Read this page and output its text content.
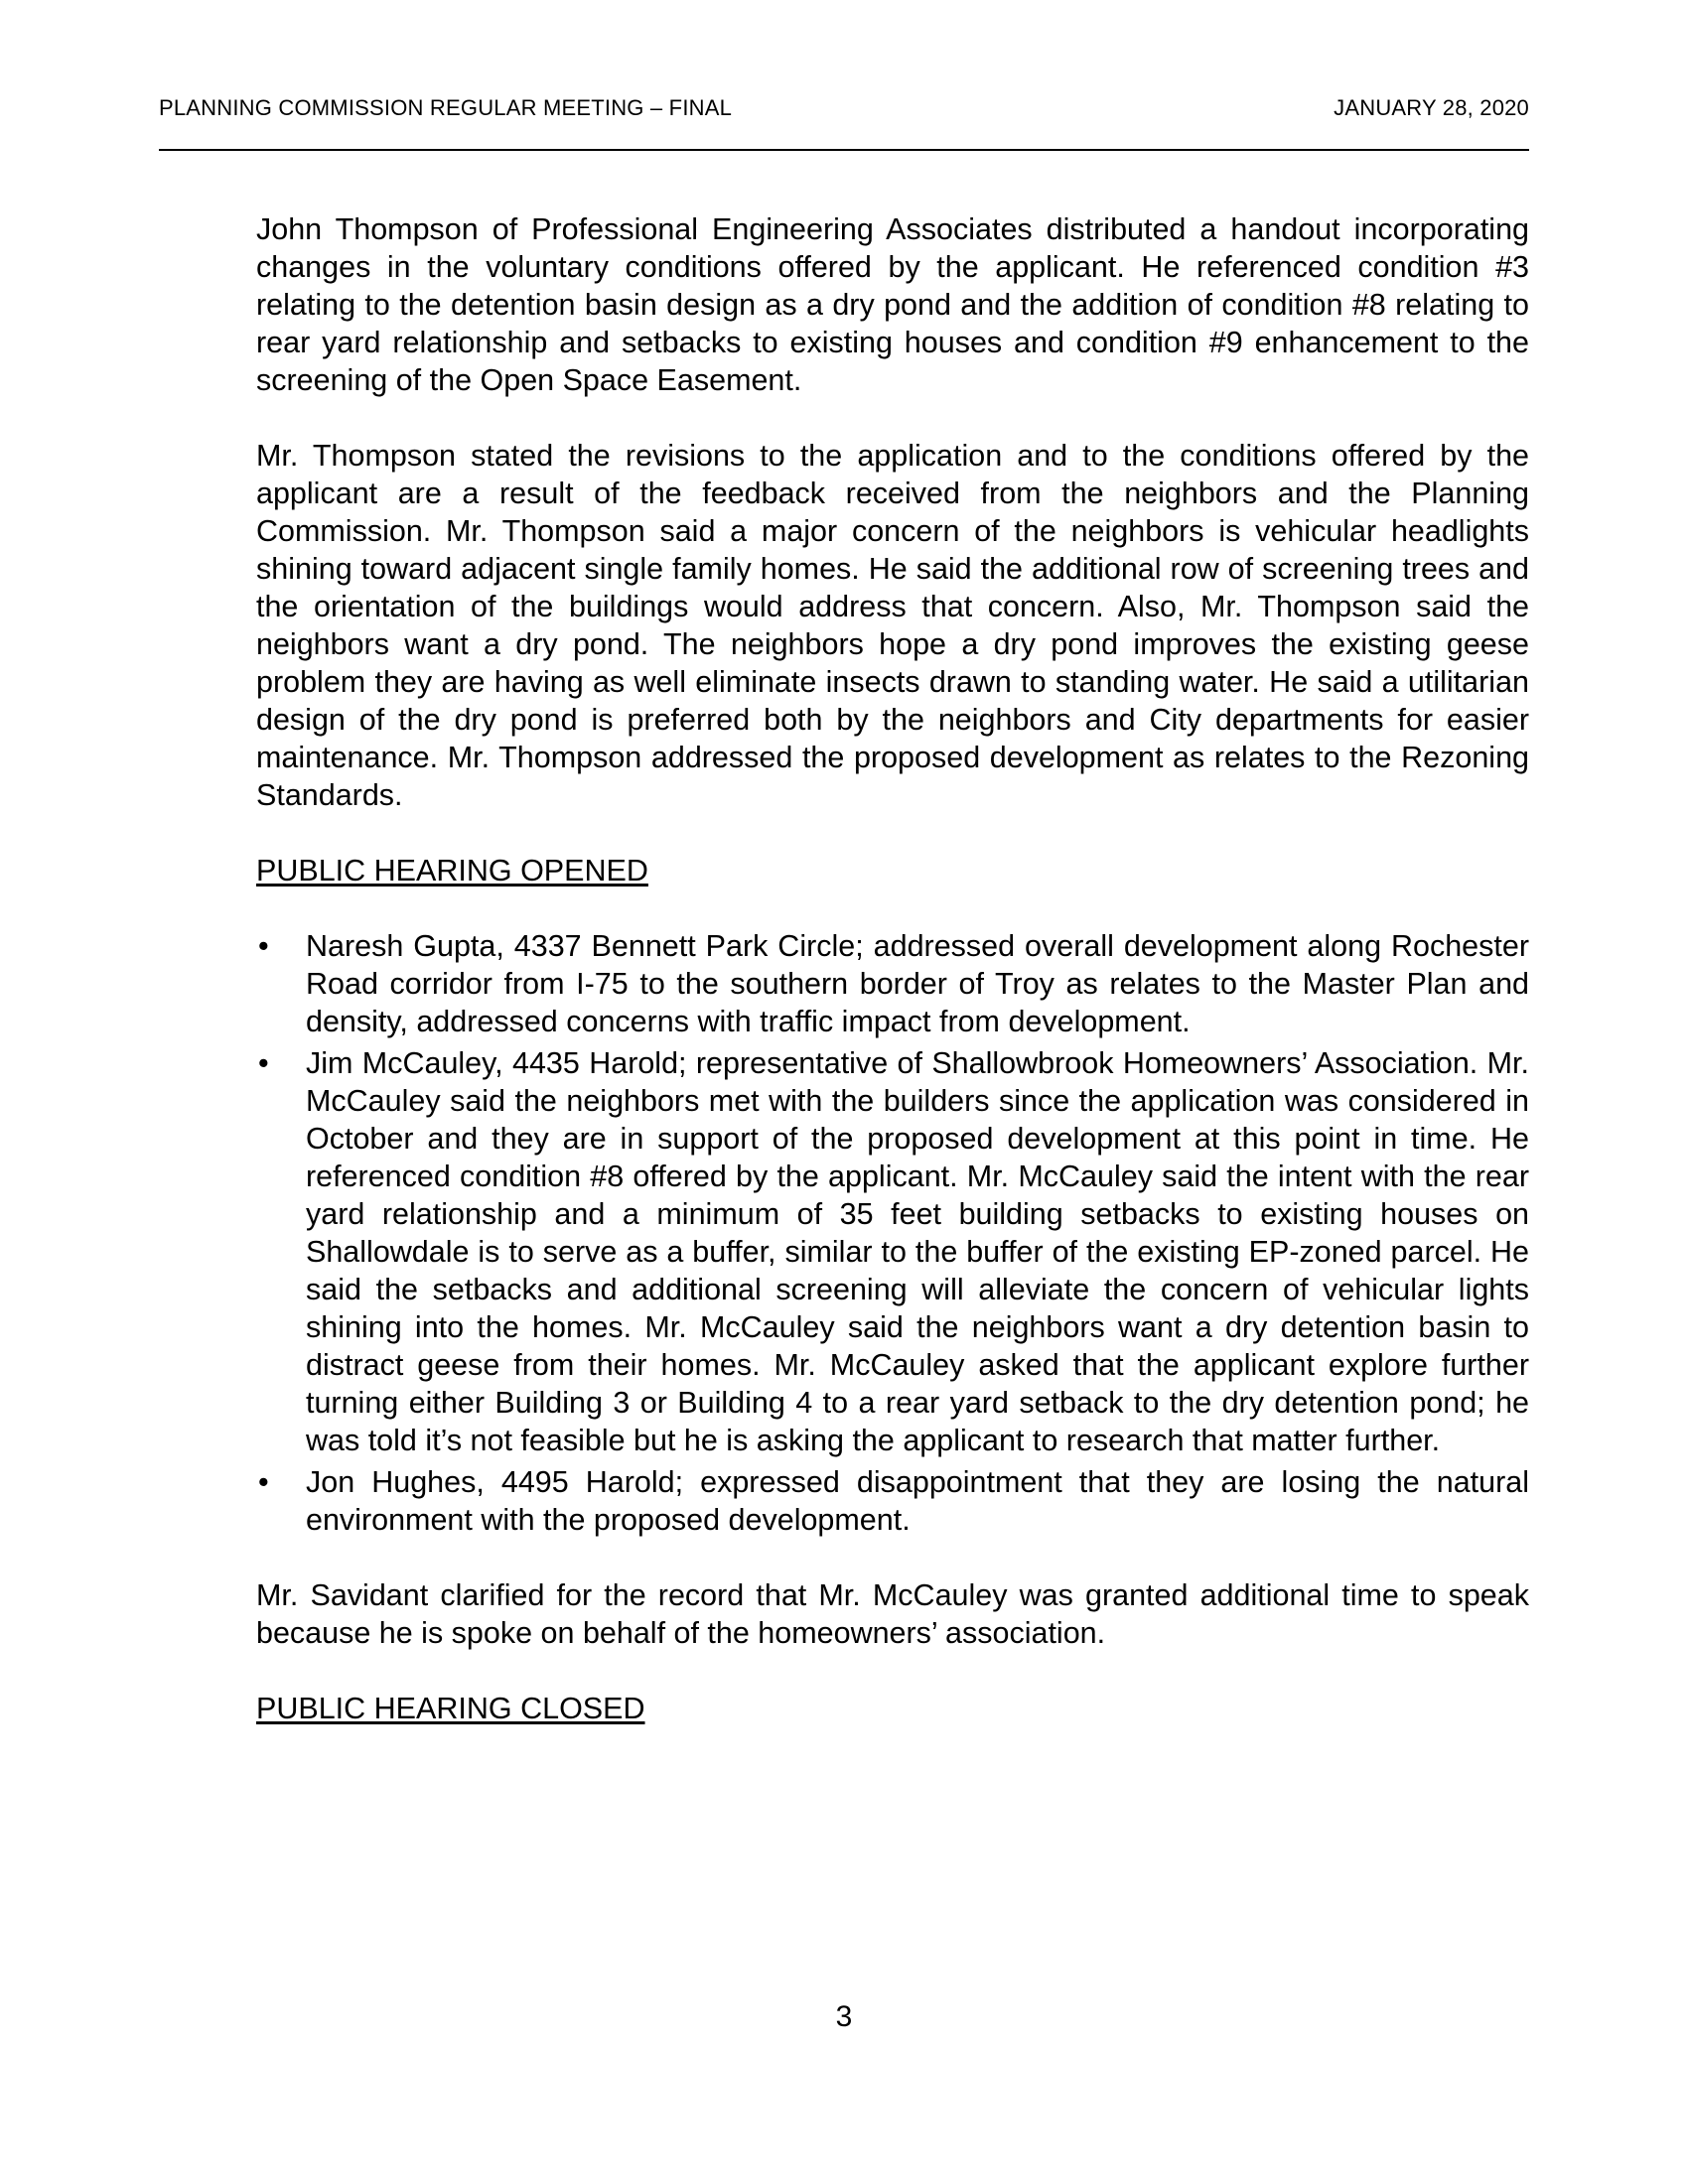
PLANNING COMMISSION REGULAR MEETING – FINAL	JANUARY 28, 2020

John Thompson of Professional Engineering Associates distributed a handout incorporating changes in the voluntary conditions offered by the applicant. He referenced condition #3 relating to the detention basin design as a dry pond and the addition of condition #8 relating to rear yard relationship and setbacks to existing houses and condition #9 enhancement to the screening of the Open Space Easement.

Mr. Thompson stated the revisions to the application and to the conditions offered by the applicant are a result of the feedback received from the neighbors and the Planning Commission. Mr. Thompson said a major concern of the neighbors is vehicular headlights shining toward adjacent single family homes. He said the additional row of screening trees and the orientation of the buildings would address that concern. Also, Mr. Thompson said the neighbors want a dry pond. The neighbors hope a dry pond improves the existing geese problem they are having as well eliminate insects drawn to standing water. He said a utilitarian design of the dry pond is preferred both by the neighbors and City departments for easier maintenance. Mr. Thompson addressed the proposed development as relates to the Rezoning Standards.

PUBLIC HEARING OPENED
•	Naresh Gupta, 4337 Bennett Park Circle; addressed overall development along Rochester Road corridor from I-75 to the southern border of Troy as relates to the Master Plan and density, addressed concerns with traffic impact from development.
•	Jim McCauley, 4435 Harold; representative of Shallowbrook Homeowners’ Association. Mr. McCauley said the neighbors met with the builders since the application was considered in October and they are in support of the proposed development at this point in time. He referenced condition #8 offered by the applicant. Mr. McCauley said the intent with the rear yard relationship and a minimum of 35 feet building setbacks to existing houses on Shallowdale is to serve as a buffer, similar to the buffer of the existing EP-zoned parcel. He said the setbacks and additional screening will alleviate the concern of vehicular lights shining into the homes. Mr. McCauley said the neighbors want a dry detention basin to distract geese from their homes. Mr. McCauley asked that the applicant explore further turning either Building 3 or Building 4 to a rear yard setback to the dry detention pond; he was told it’s not feasible but he is asking the applicant to research that matter further.
•	Jon Hughes, 4495 Harold; expressed disappointment that they are losing the natural environment with the proposed development.

Mr. Savidant clarified for the record that Mr. McCauley was granted additional time to speak because he is spoke on behalf of the homeowners’ association.

PUBLIC HEARING CLOSED
3
